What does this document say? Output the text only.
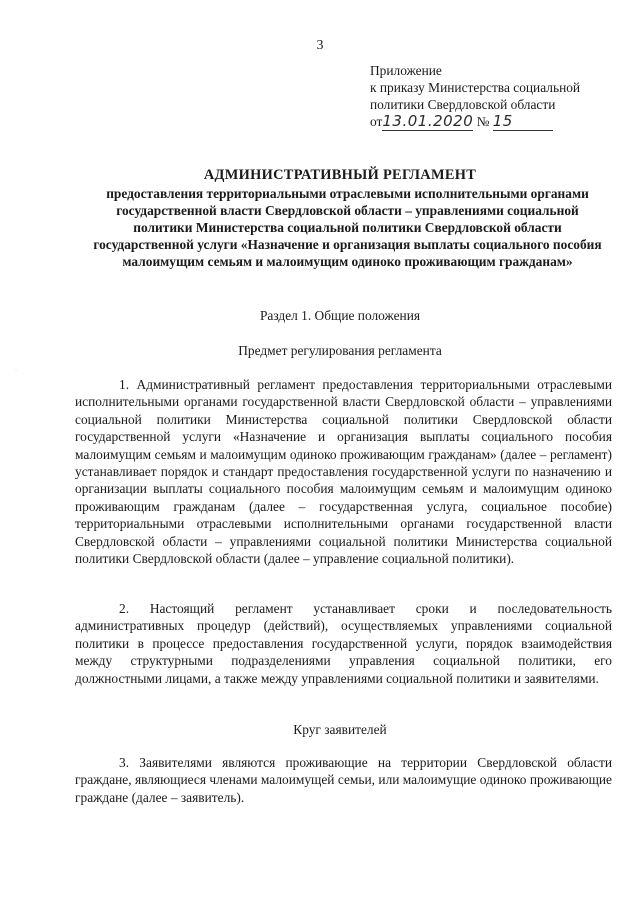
3
Приложение
к приказу Министерства социальной
политики Свердловской области
от13.01.2020 № 15
АДМИНИСТРАТИВНЫЙ РЕГЛАМЕНТ
предоставления территориальными отраслевыми исполнительными органами государственной власти Свердловской области – управлениями социальной политики Министерства социальной политики Свердловской области государственной услуги «Назначение и организация выплаты социального пособия малоимущим семьям и малоимущим одиноко проживающим гражданам»
Раздел 1. Общие положения
Предмет регулирования регламента
·
1. Административный регламент предоставления территориальными отраслевыми исполнительными органами государственной власти Свердловской области – управлениями социальной политики Министерства социальной политики Свердловской области государственной услуги «Назначение и организация выплаты социального пособия малоимущим семьям и малоимущим одиноко проживающим гражданам» (далее – регламент) устанавливает порядок и стандарт предоставления государственной услуги по назначению и организации выплаты социального пособия малоимущим семьям и малоимущим одиноко проживающим гражданам (далее – государственная услуга, социальное пособие) территориальными отраслевыми исполнительными органами государственной власти Свердловской области – управлениями социальной политики Министерства социальной политики Свердловской области (далее – управление социальной политики).
2. Настоящий регламент устанавливает сроки и последовательность административных процедур (действий), осуществляемых управлениями социальной политики в процессе предоставления государственной услуги, порядок взаимодействия между структурными подразделениями управления социальной политики, его должностными лицами, а также между управлениями социальной политики и заявителями.
Круг заявителей
3. Заявителями являются проживающие на территории Свердловской области граждане, являющиеся членами малоимущей семьи, или малоимущие одиноко проживающие граждане (далее – заявитель).
